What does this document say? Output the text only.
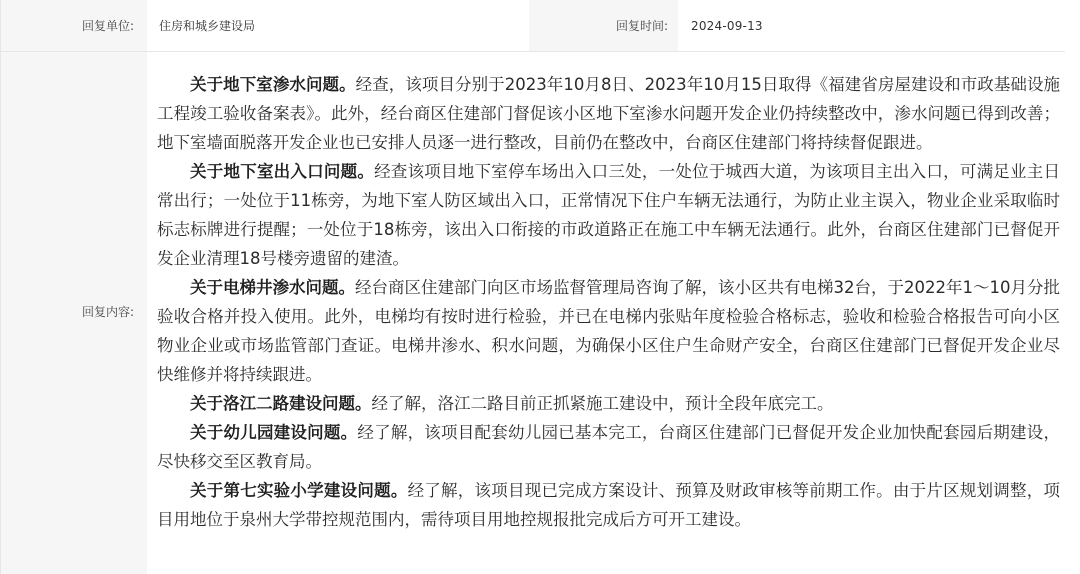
回复单位:	住房和城乡建设局	回复时间:	2024-09-13
回复内容:

关于地下室渗水问题。经查，该项目分别于2023年10月8日、2023年10月15日取得《福建省房屋建设和市政基础设施工程竣工验收备案表》。此外，经台商区住建部门督促该小区地下室渗水问题开发企业仍持续整改中，渗水问题已得到改善；地下室墙面脱落开发企业也已安排人员逐一进行整改，目前仍在整改中，台商区住建部门将持续督促跟进。

关于地下室出入口问题。经查该项目地下室停车场出入口三处，一处位于城西大道，为该项目主出入口，可满足业主日常出行；一处位于11栋旁，为地下室人防区域出入口，正常情况下住户车辆无法通行，为防止业主误入，物业企业采取临时标志标牌进行提醒；一处位于18栋旁，该出入口衔接的市政道路正在施工中车辆无法通行。此外，台商区住建部门已督促开发企业清理18号楼旁遗留的建渣。

关于电梯井渗水问题。经台商区住建部门向区市场监督管理局咨询了解，该小区共有电梯32台，于2022年1～10月分批验收合格并投入使用。此外，电梯均有按时进行检验，并已在电梯内张贴年度检验合格标志，验收和检验合格报告可向小区物业企业或市场监管部门查证。电梯井渗水、积水问题，为确保小区住户生命财产安全，台商区住建部门已督促开发企业尽快维修并将持续跟进。

关于洛江二路建设问题。经了解，洛江二路目前正抓紧施工建设中，预计全段年底完工。

关于幼儿园建设问题。经了解，该项目配套幼儿园已基本完工，台商区住建部门已督促开发企业加快配套园后期建设，尽快移交至区教育局。

关于第七实验小学建设问题。经了解，该项目现已完成方案设计、预算及财政审核等前期工作。由于片区规划调整，项目用地位于泉州大学带控规范围内，需待项目用地控规报批完成后方可开工建设。
